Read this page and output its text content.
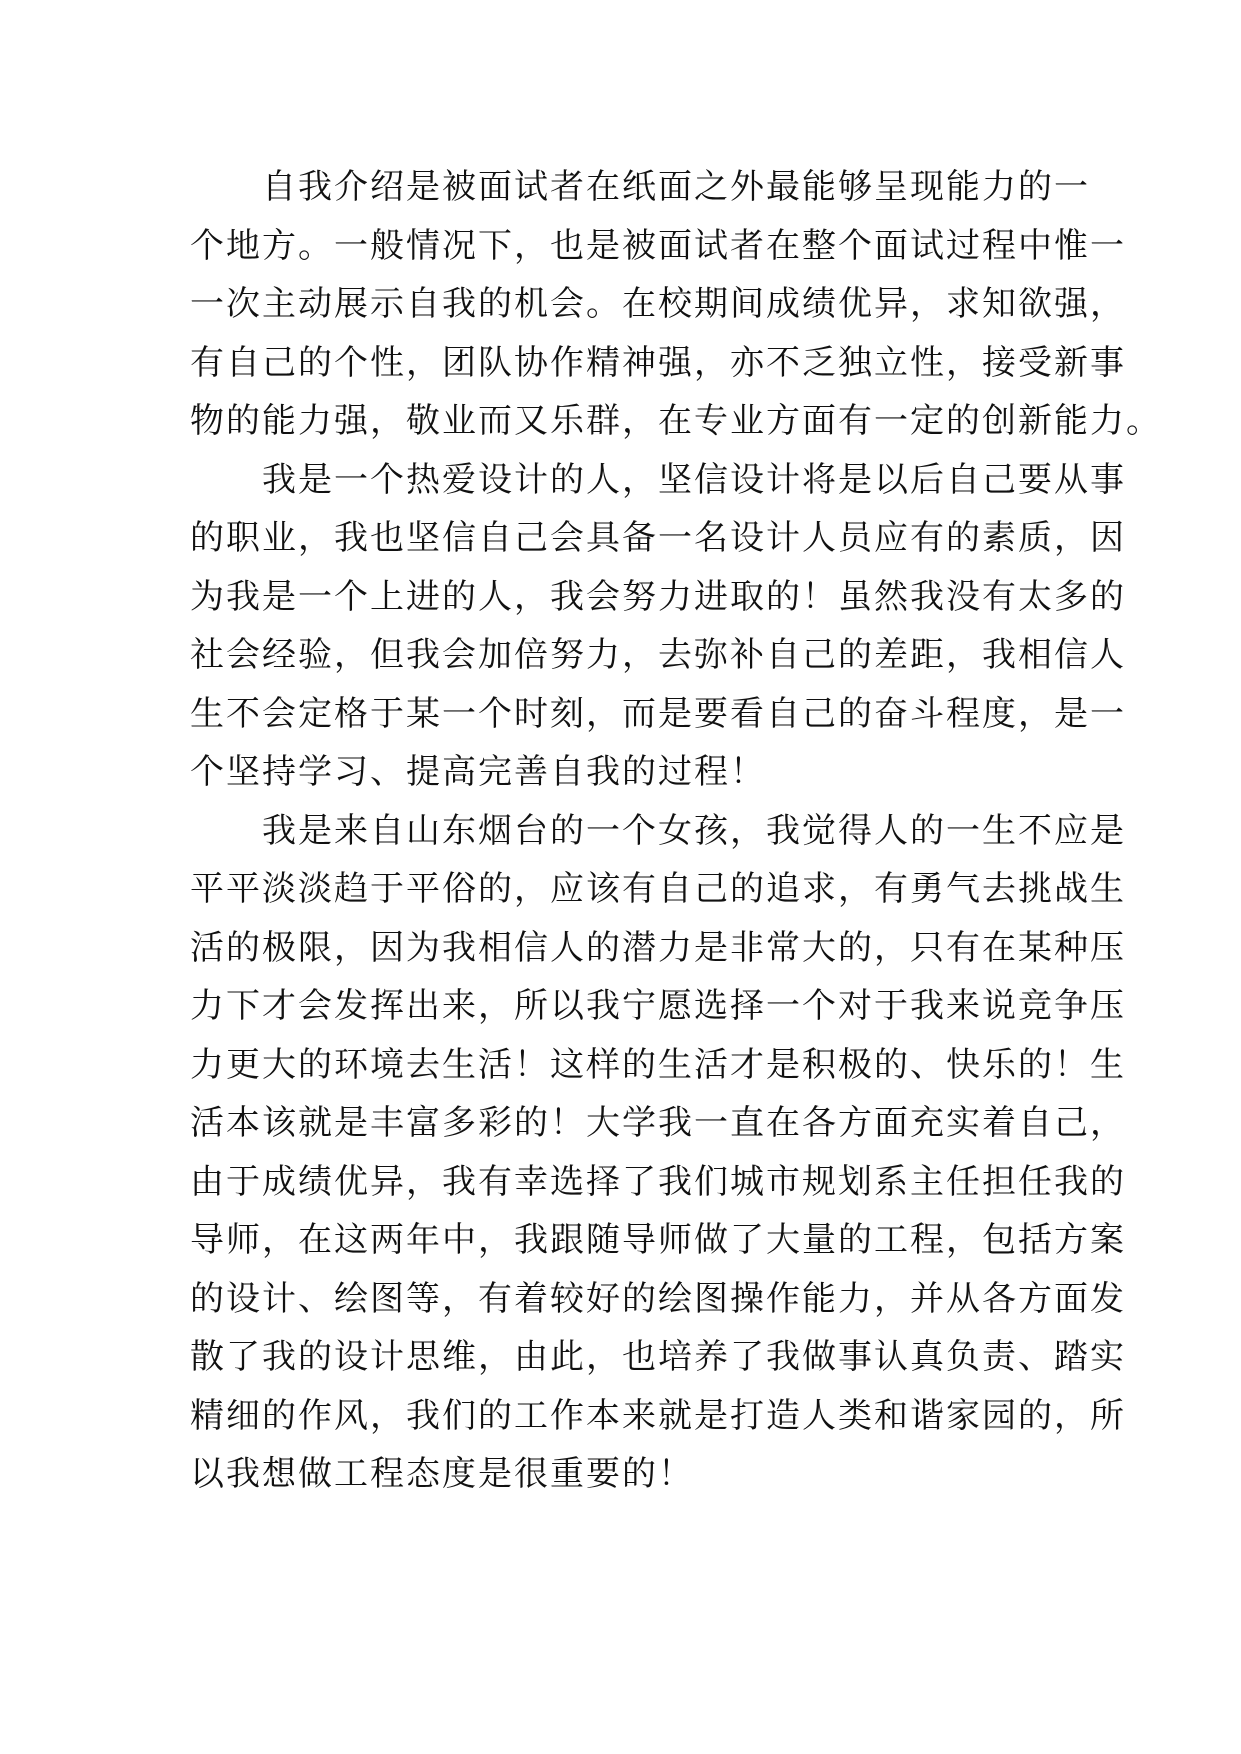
自我介绍是被面试者在纸面之外最能够呈现能力的一
个地方。一般情况下，也是被面试者在整个面试过程中惟一
一次主动展示自我的机会。在校期间成绩优异，求知欲强，
有自己的个性，团队协作精神强，亦不乏独立性，接受新事
物的能力强，敬业而又乐群，在专业方面有一定的创新能力。
我是一个热爱设计的人，坚信设计将是以后自己要从事
的职业，我也坚信自己会具备一名设计人员应有的素质，因
为我是一个上进的人，我会努力进取的！虽然我没有太多的
社会经验，但我会加倍努力，去弥补自己的差距，我相信人
生不会定格于某一个时刻，而是要看自己的奋斗程度，是一
个坚持学习、提高完善自我的过程！
我是来自山东烟台的一个女孩，我觉得人的一生不应是
平平淡淡趋于平俗的，应该有自己的追求，有勇气去挑战生
活的极限，因为我相信人的潜力是非常大的，只有在某种压
力下才会发挥出来，所以我宁愿选择一个对于我来说竞争压
力更大的环境去生活！这样的生活才是积极的、快乐的！生
活本该就是丰富多彩的！大学我一直在各方面充实着自己，
由于成绩优异，我有幸选择了我们城市规划系主任担任我的
导师，在这两年中，我跟随导师做了大量的工程，包括方案
的设计、绘图等，有着较好的绘图操作能力，并从各方面发
散了我的设计思维，由此，也培养了我做事认真负责、踏实
精细的作风，我们的工作本来就是打造人类和谐家园的，所
以我想做工程态度是很重要的！
